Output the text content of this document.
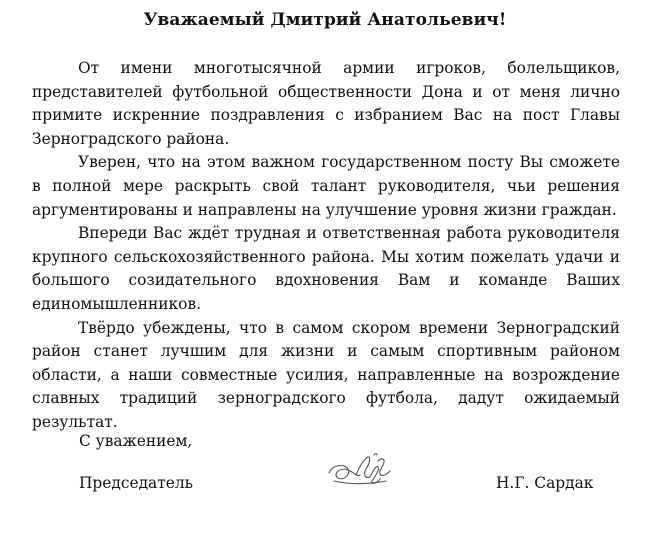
Уважаемый Дмитрий Анатольевич!

От имени многотысячной армии игроков, болельщиков, представителей футбольной общественности Дона и от меня лично примите искренние поздравления с избранием Вас на пост Главы Зерноградского района.

Уверен, что на этом важном государственном посту Вы сможете в полной мере раскрыть свой талант руководителя, чьи решения аргументированы и направлены на улучшение уровня жизни граждан.

Впереди Вас ждёт трудная и ответственная работа руководителя крупного сельскохозяйственного района. Мы хотим пожелать удачи и большого созидательного вдохновения Вам и команде Ваших единомышленников.

Твёрдо убеждены, что в самом скором времени Зерноградский район станет лучшим для жизни и самым спортивным районом области, а наши совместные усилия, направленные на возрождение славных традиций зерноградского футбола, дадут ожидаемый результат.

С уважением,
Председатель	Н.Г. Сардак
